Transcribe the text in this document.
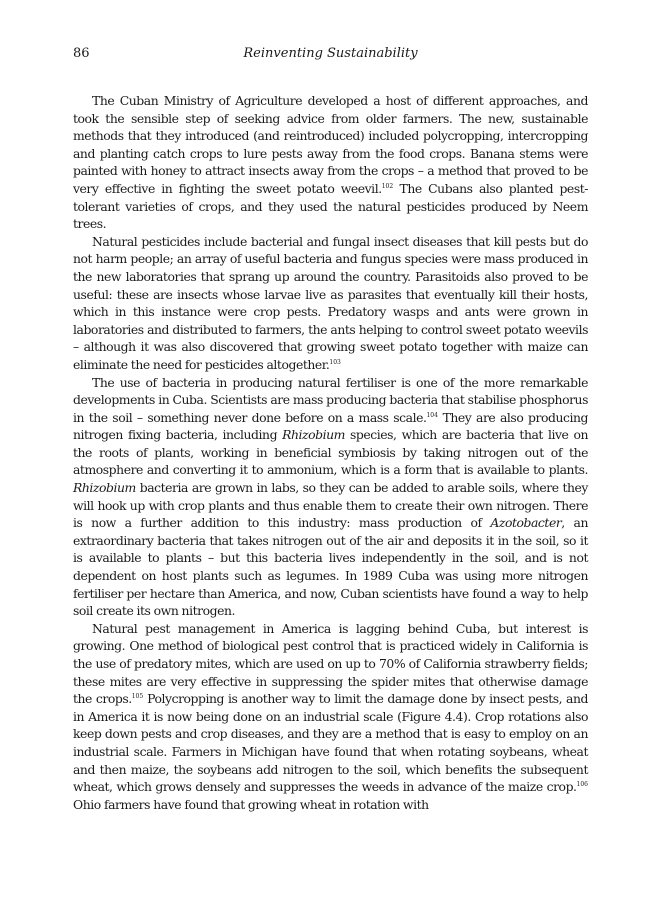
86	Reinventing Sustainability

The Cuban Ministry of Agriculture developed a host of different approaches, and took the sensible step of seeking advice from older farmers. The new, sustainable methods that they introduced (and reintroduced) included polycropping, intercropping and planting catch crops to lure pests away from the food crops. Banana stems were painted with honey to attract insects away from the crops – a method that proved to be very effective in fighting the sweet potato weevil.$^{102}$ The Cubans also planted pest-tolerant varieties of crops, and they used the natural pesticides produced by Neem trees.

Natural pesticides include bacterial and fungal insect diseases that kill pests but do not harm people; an array of useful bacteria and fungus species were mass produced in the new laboratories that sprang up around the country. Parasitoids also proved to be useful: these are insects whose larvae live as parasites that eventually kill their hosts, which in this instance were crop pests. Predatory wasps and ants were grown in laboratories and distributed to farmers, the ants helping to control sweet potato weevils – although it was also discovered that growing sweet potato together with maize can eliminate the need for pesticides altogether.$^{103}$

The use of bacteria in producing natural fertiliser is one of the more remarkable developments in Cuba. Scientists are mass producing bacteria that stabilise phosphorus in the soil – something never done before on a mass scale.$^{104}$ They are also producing nitrogen fixing bacteria, including Rhizobium species, which are bacteria that live on the roots of plants, working in beneficial symbiosis by taking nitrogen out of the atmosphere and converting it to ammonium, which is a form that is available to plants. Rhizobium bacteria are grown in labs, so they can be added to arable soils, where they will hook up with crop plants and thus enable them to create their own nitrogen. There is now a further addition to this industry: mass production of Azotobacter, an extraordinary bacteria that takes nitrogen out of the air and deposits it in the soil, so it is available to plants – but this bacteria lives independently in the soil, and is not dependent on host plants such as legumes. In 1989 Cuba was using more nitrogen fertiliser per hectare than America, and now, Cuban scientists have found a way to help soil create its own nitrogen.

Natural pest management in America is lagging behind Cuba, but interest is growing. One method of biological pest control that is practiced widely in California is the use of predatory mites, which are used on up to 70% of California strawberry fields; these mites are very effective in suppressing the spider mites that otherwise damage the crops.$^{105}$ Polycropping is another way to limit the damage done by insect pests, and in America it is now being done on an industrial scale (Figure 4.4). Crop rotations also keep down pests and crop diseases, and they are a method that is easy to employ on an industrial scale. Farmers in Michigan have found that when rotating soybeans, wheat and then maize, the soybeans add nitrogen to the soil, which benefits the subsequent wheat, which grows densely and suppresses the weeds in advance of the maize crop.$^{106}$ Ohio farmers have found that growing wheat in rotation with
